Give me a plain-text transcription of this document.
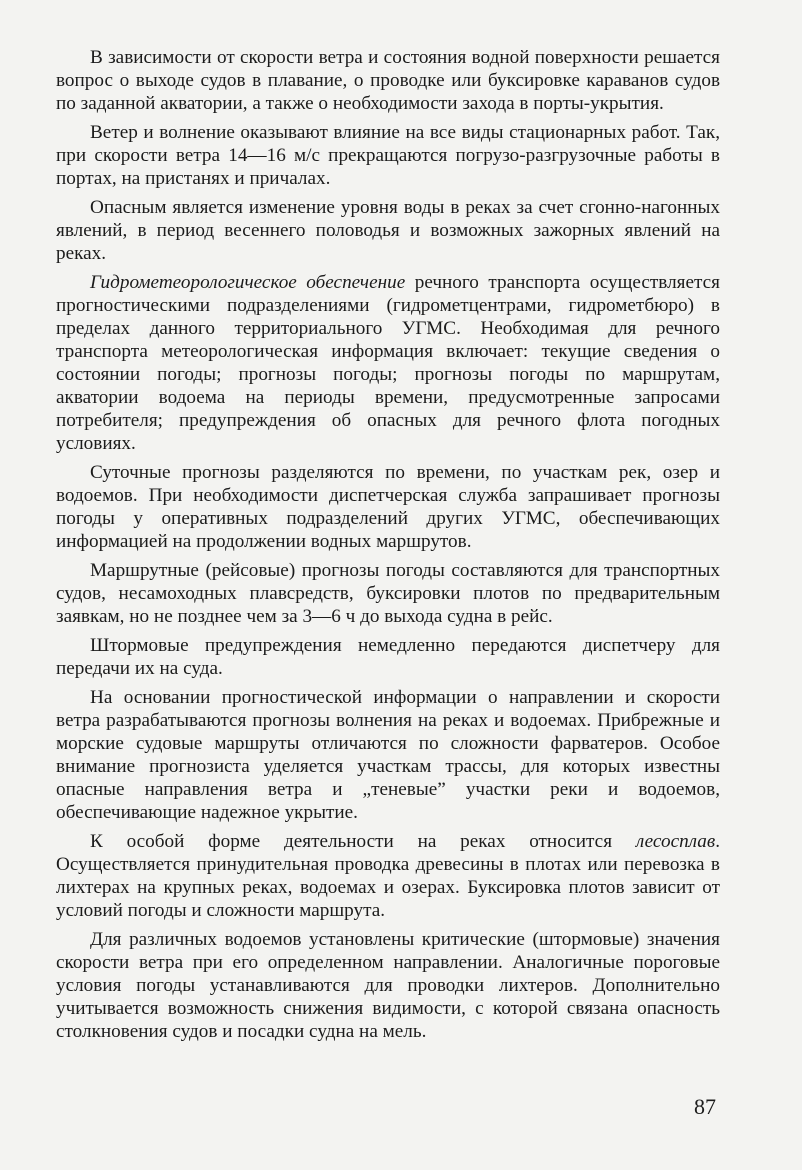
В зависимости от скорости ветра и состояния водной поверхности решается вопрос о выходе судов в плавание, о проводке или буксировке караванов судов по заданной акватории, а также о необходимости захода в порты-укрытия.

Ветер и волнение оказывают влияние на все виды стационарных работ. Так, при скорости ветра 14—16 м/с прекращаются погрузо-разгрузочные работы в портах, на пристанях и причалах.

Опасным является изменение уровня воды в реках за счет сгонно-нагонных явлений, в период весеннего половодья и возможных зажорных явлений на реках.

Гидрометеорологическое обеспечение речного транспорта осуществляется прогностическими подразделениями (гидрометцентрами, гидрометбюро) в пределах данного территориального УГМС. Необходимая для речного транспорта метеорологическая информация включает: текущие сведения о состоянии погоды; прогнозы погоды; прогнозы погоды по маршрутам, акватории водоема на периоды времени, предусмотренные запросами потребителя; предупреждения об опасных для речного флота погодных условиях.

Суточные прогнозы разделяются по времени, по участкам рек, озер и водоемов. При необходимости диспетчерская служба запрашивает прогнозы погоды у оперативных подразделений других УГМС, обеспечивающих информацией на продолжении водных маршрутов.

Маршрутные (рейсовые) прогнозы погоды составляются для транспортных судов, несамоходных плавсредств, буксировки плотов по предварительным заявкам, но не позднее чем за 3—6 ч до выхода судна в рейс.

Штормовые предупреждения немедленно передаются диспетчеру для передачи их на суда.

На основании прогностической информации о направлении и скорости ветра разрабатываются прогнозы волнения на реках и водоемах. Прибрежные и морские судовые маршруты отличаются по сложности фарватеров. Особое внимание прогнозиста уделяется участкам трассы, для которых известны опасные направления ветра и „теневые” участки реки и водоемов, обеспечивающие надежное укрытие.

К особой форме деятельности на реках относится лесосплав. Осуществляется принудительная проводка древесины в плотах или перевозка в лихтерах на крупных реках, водоемах и озерах. Буксировка плотов зависит от условий погоды и сложности маршрута.

Для различных водоемов установлены критические (штормовые) значения скорости ветра при его определенном направлении. Аналогичные пороговые условия погоды устанавливаются для проводки лихтеров. Дополнительно учитывается возможность снижения видимости, с которой связана опасность столкновения судов и посадки судна на мель.

87
